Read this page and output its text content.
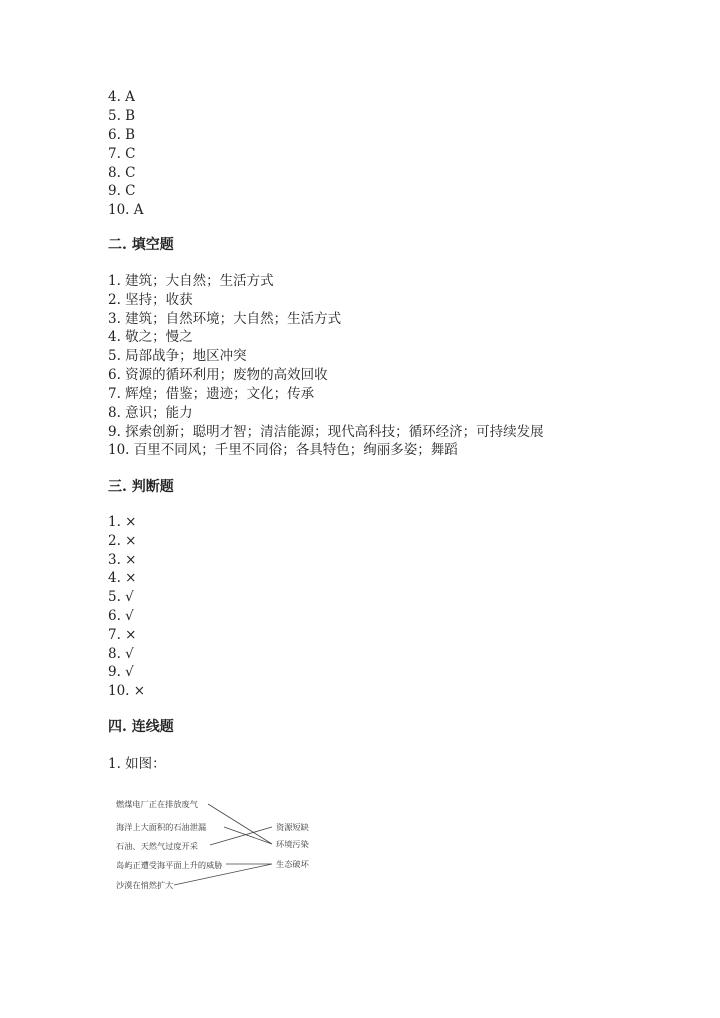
4. A
5. B
6. B
7. C
8. C
9. C
10. A
二. 填空题
1. 建筑；大自然；生活方式
2. 坚持；收获
3. 建筑；自然环境；大自然；生活方式
4. 敬之；慢之
5. 局部战争；地区冲突
6. 资源的循环利用；废物的高效回收
7. 辉煌；借鉴；遗迹；文化；传承
8. 意识；能力
9. 探索创新；聪明才智；清洁能源；现代高科技；循环经济；可持续发展
10. 百里不同风；千里不同俗；各具特色；绚丽多姿；舞蹈
三. 判断题
1. ×
2. ×
3. ×
4. ×
5. √
6. √
7. ×
8. √
9. √
10. ×
四. 连线题
1. 如图：
燃煤电厂正在排放废气
海洋上大面积的石油泄漏
石油、天然气过度开采
岛屿正遭受海平面上升的威胁
沙漠在悄然扩大
资源短缺
环境污染
生态破坏
